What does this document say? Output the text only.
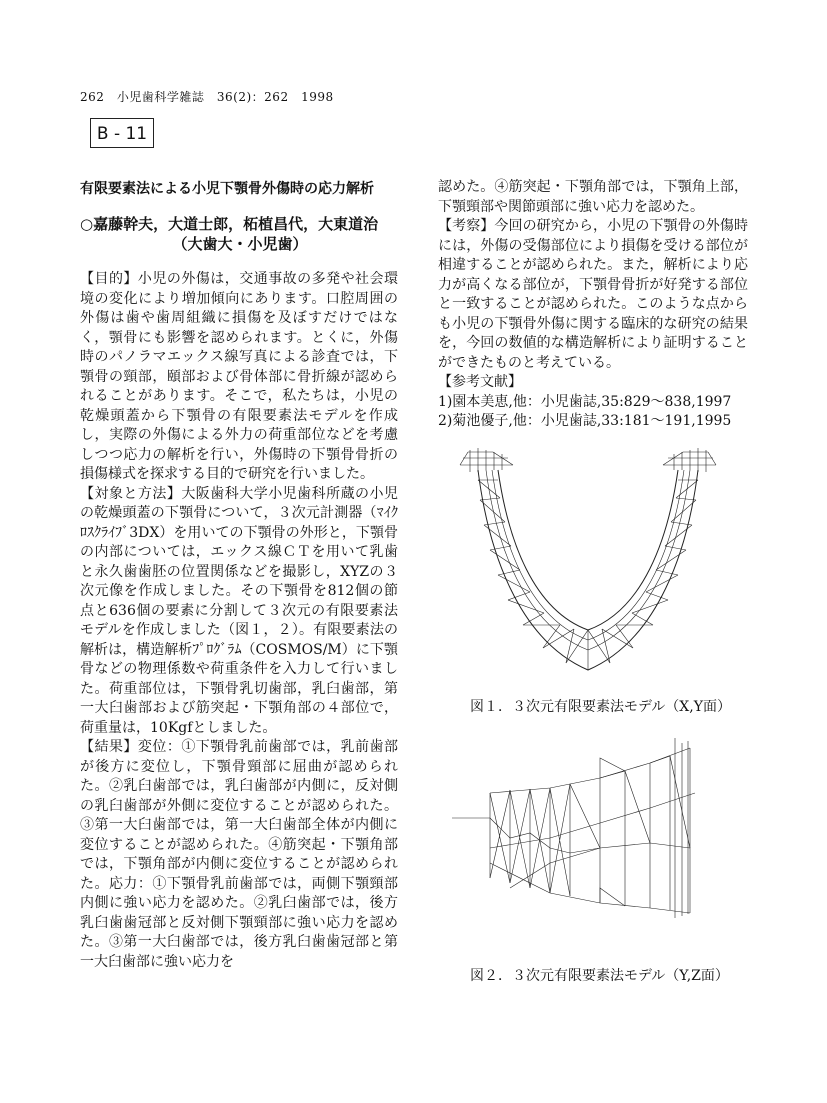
262　小児歯科学雑誌　36(2)：262　1998
B - 11
有限要素法による小児下顎骨外傷時の応力解析
○嘉藤幹夫，大道士郎，柘植昌代，大東道治
（大歯大・小児歯）

【目的】小児の外傷は，交通事故の多発や社会環境の変化により増加傾向にあります。口腔周囲の外傷は歯や歯周組織に損傷を及ぼすだけではなく，顎骨にも影響を認められます。とくに，外傷時のパノラマエックス線写真による診査では，下顎骨の頸部，頤部および骨体部に骨折線が認められることがあります。そこで，私たちは，小児の乾燥頭蓋から下顎骨の有限要素法モデルを作成し，実際の外傷による外力の荷重部位などを考慮しつつ応力の解析を行い，外傷時の下顎骨骨折の損傷様式を探求する目的で研究を行いました。

【対象と方法】大阪歯科大学小児歯科所蔵の小児の乾燥頭蓋の下顎骨について，３次元計測器（ﾏｲｸﾛｽｸﾗｲﾌﾞ3DX）を用いての下顎骨の外形と，下顎骨の内部については，エックス線ＣＴを用いて乳歯と永久歯歯胚の位置関係などを撮影し，XYZの３次元像を作成しました。その下顎骨を812個の節点と636個の要素に分割して３次元の有限要素法モデルを作成しました（図１，２）。有限要素法の解析は，構造解析ﾌﾟﾛｸﾞﾗﾑ（COSMOS/M）に下顎骨などの物理係数や荷重条件を入力して行いました。荷重部位は，下顎骨乳切歯部，乳臼歯部，第一大臼歯部および筋突起・下顎角部の４部位で，荷重量は，10Kgfとしました。

【結果】変位：①下顎骨乳前歯部では，乳前歯部が後方に変位し，下顎骨頸部に屈曲が認められた。②乳臼歯部では，乳臼歯部が内側に，反対側の乳臼歯部が外側に変位することが認められた。③第一大臼歯部では，第一大臼歯部全体が内側に変位することが認められた。④筋突起・下顎角部では，下顎角部が内側に変位することが認められた。応力：①下顎骨乳前歯部では，両側下顎頸部内側に強い応力を認めた。②乳臼歯部では，後方乳臼歯歯冠部と反対側下顎頸部に強い応力を認めた。③第一大臼歯部では，後方乳臼歯歯冠部と第一大臼歯部に強い応力を

認めた。④筋突起・下顎角部では，下顎角上部，下顎頸部や関節頭部に強い応力を認めた。

【考察】今回の研究から，小児の下顎骨の外傷時には，外傷の受傷部位により損傷を受ける部位が相違することが認められた。また，解析により応力が高くなる部位が，下顎骨骨折が好発する部位と一致することが認められた。このような点からも小児の下顎骨外傷に関する臨床的な研究の結果を，今回の数値的な構造解析により証明することができたものと考えている。

【参考文献】

1)園本美恵,他：小児歯誌,35:829〜838,1997

2)菊池優子,他：小児歯誌,33:181〜191,1995

図１．３次元有限要素法モデル（X,Y面）
図２．３次元有限要素法モデル（Y,Z面）
